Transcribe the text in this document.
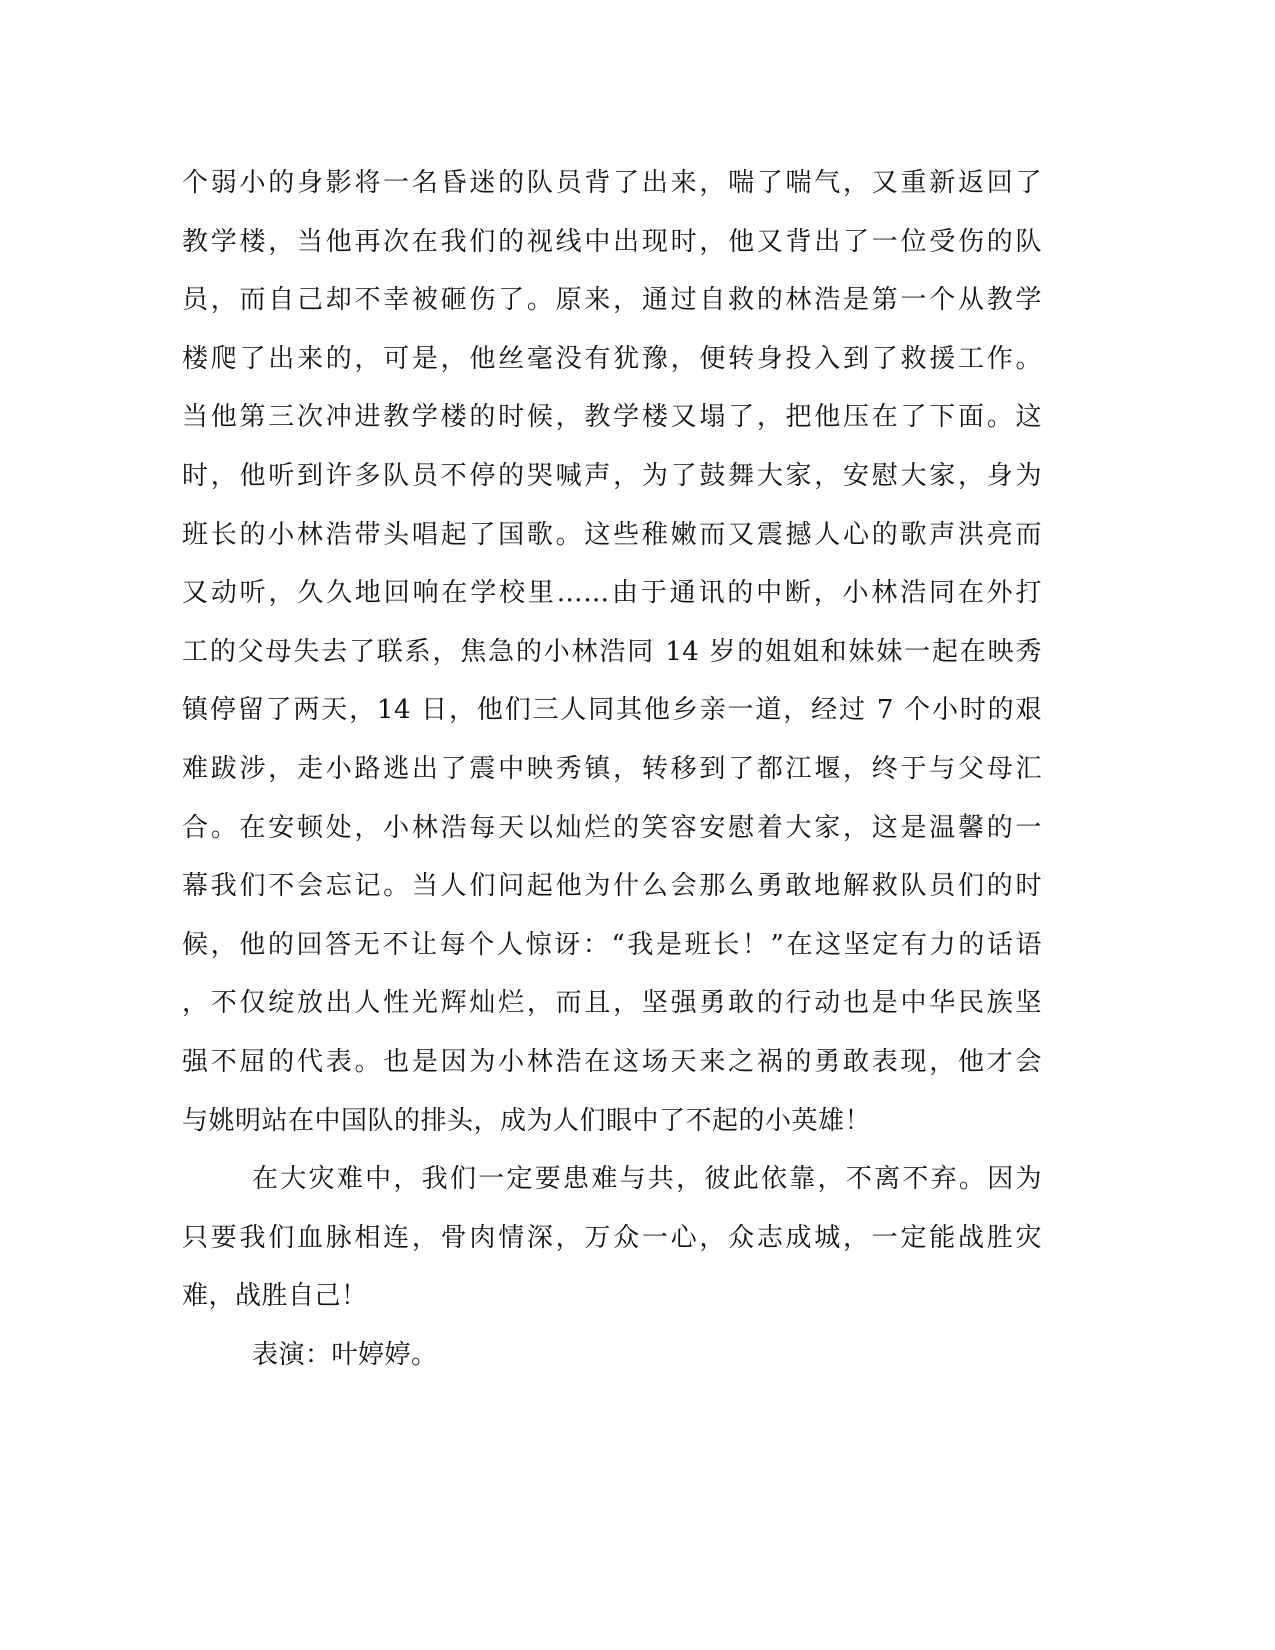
个弱小的身影将一名昏迷的队员背了出来，喘了喘气，又重新返回了
教学楼，当他再次在我们的视线中出现时，他又背出了一位受伤的队
员，而自己却不幸被砸伤了。原来，通过自救的林浩是第一个从教学
楼爬了出来的，可是，他丝毫没有犹豫，便转身投入到了救援工作。
当他第三次冲进教学楼的时候，教学楼又塌了，把他压在了下面。这
时，他听到许多队员不停的哭喊声，为了鼓舞大家，安慰大家，身为
班长的小林浩带头唱起了国歌。这些稚嫩而又震撼人心的歌声洪亮而
又动听，久久地回响在学校里……由于通讯的中断，小林浩同在外打
工的父母失去了联系，焦急的小林浩同 14 岁的姐姐和妹妹一起在映秀
镇停留了两天，14 日，他们三人同其他乡亲一道，经过 7 个小时的艰
难跋涉，走小路逃出了震中映秀镇，转移到了都江堰，终于与父母汇
合。在安顿处，小林浩每天以灿烂的笑容安慰着大家，这是温馨的一
幕我们不会忘记。当人们问起他为什么会那么勇敢地解救队员们的时
候，他的回答无不让每个人惊讶：“我是班长！”在这坚定有力的话语
，不仅绽放出人性光辉灿烂，而且，坚强勇敢的行动也是中华民族坚
强不屈的代表。也是因为小林浩在这场天来之祸的勇敢表现，他才会
与姚明站在中国队的排头，成为人们眼中了不起的小英雄！
在大灾难中，我们一定要患难与共，彼此依靠，不离不弃。因为
只要我们血脉相连，骨肉情深，万众一心，众志成城，一定能战胜灾
难，战胜自己！
表演：叶婷婷。
